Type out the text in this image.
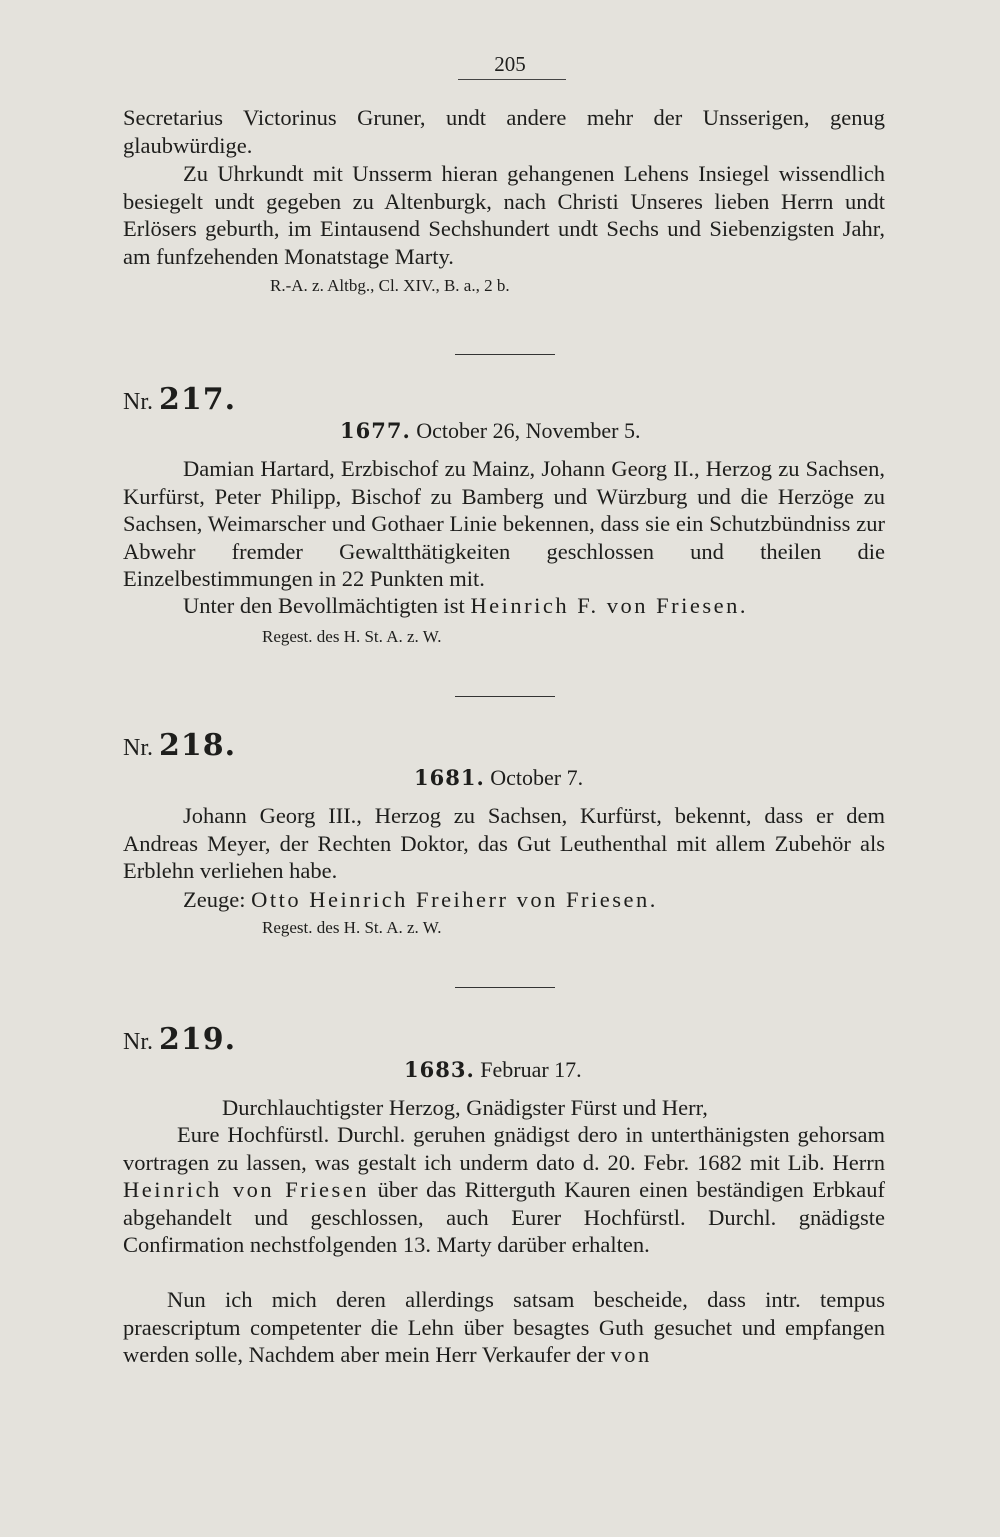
205
Secretarius Victorinus Gruner, undt andere mehr der Unsserigen, genug glaubwürdige.
Zu Uhrkundt mit Unsserm hieran gehangenen Lehens Insiegel wissendlich besiegelt undt gegeben zu Altenburgk, nach Christi Unseres lieben Herrn undt Erlösers geburth, im Eintausend Sechshundert undt Sechs und Siebenzigsten Jahr, am funfzehenden Monatstage Marty.
R.-A. z. Altbg., Cl. XIV., B. a., 2 b.
Nr. 217.
1677. October 26, November 5.
Damian Hartard, Erzbischof zu Mainz, Johann Georg II., Herzog zu Sachsen, Kurfürst, Peter Philipp, Bischof zu Bamberg und Würzburg und die Herzöge zu Sachsen, Weimarscher und Gothaer Linie bekennen, dass sie ein Schutzbündniss zur Abwehr fremder Gewaltthätigkeiten geschlossen und theilen die Einzelbestimmungen in 22 Punkten mit.
Unter den Bevollmächtigten ist Heinrich F. von Friesen.
Regest. des H. St. A. z. W.
Nr. 218.
1681. October 7.
Johann Georg III., Herzog zu Sachsen, Kurfürst, bekennt, dass er dem Andreas Meyer, der Rechten Doktor, das Gut Leuthenthal mit allem Zubehör als Erblehn verliehen habe.
Zeuge: Otto Heinrich Freiherr von Friesen.
Regest. des H. St. A. z. W.
Nr. 219.
1683. Februar 17.
Durchlauchtigster Herzog, Gnädigster Fürst und Herr,
Eure Hochfürstl. Durchl. geruhen gnädigst dero in unterthänigsten gehorsam vortragen zu lassen, was gestalt ich underm dato d. 20. Febr. 1682 mit Lib. Herrn Heinrich von Friesen über das Ritterguth Kauren einen beständigen Erbkauf abgehandelt und geschlossen, auch Eurer Hochfürstl. Durchl. gnädigste Confirmation nechstfolgenden 13. Marty darüber erhalten.
Nun ich mich deren allerdings satsam bescheide, dass intr. tempus praescriptum competenter die Lehn über besagtes Guth gesuchet und empfangen werden solle, Nachdem aber mein Herr Verkaufer der von
